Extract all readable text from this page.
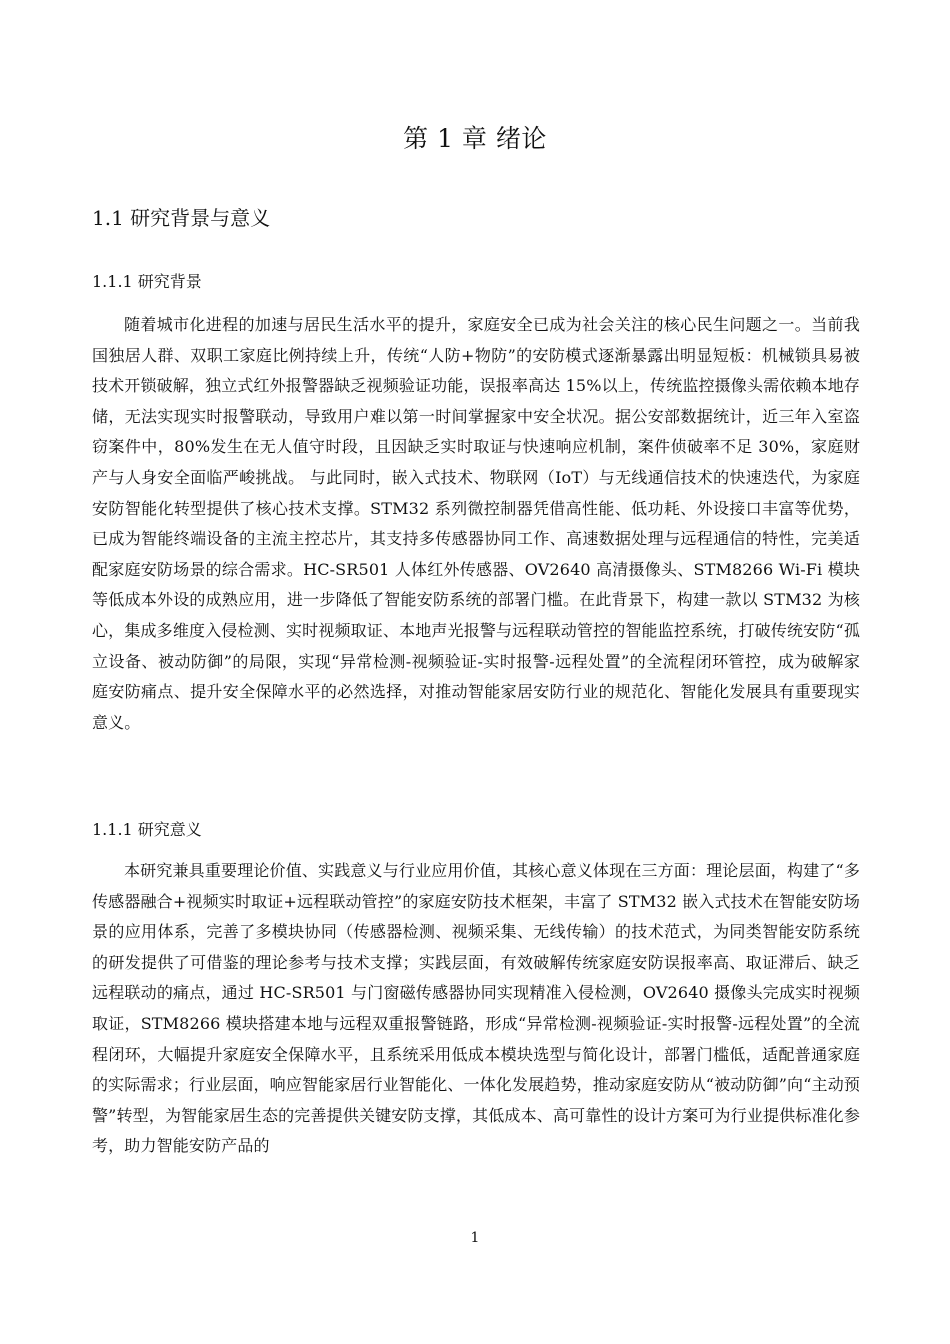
第 1 章 绪论
1.1 研究背景与意义
1.1.1 研究背景

随着城市化进程的加速与居民生活水平的提升，家庭安全已成为社会关注的核心民生问题之一。当前我国独居人群、双职工家庭比例持续上升，传统“人防+物防”的安防模式逐渐暴露出明显短板：机械锁具易被技术开锁破解，独立式红外报警器缺乏视频验证功能，误报率高达 15%以上，传统监控摄像头需依赖本地存储，无法实现实时报警联动，导致用户难以第一时间掌握家中安全状况。据公安部数据统计，近三年入室盗窃案件中，80%发生在无人值守时段，且因缺乏实时取证与快速响应机制，案件侦破率不足 30%，家庭财产与人身安全面临严峻挑战。 与此同时，嵌入式技术、物联网（IoT）与无线通信技术的快速迭代，为家庭安防智能化转型提供了核心技术支撑。STM32 系列微控制器凭借高性能、低功耗、外设接口丰富等优势，已成为智能终端设备的主流主控芯片，其支持多传感器协同工作、高速数据处理与远程通信的特性，完美适配家庭安防场景的综合需求。HC-SR501 人体红外传感器、OV2640 高清摄像头、STM8266 Wi-Fi 模块等低成本外设的成熟应用，进一步降低了智能安防系统的部署门槛。在此背景下，构建一款以 STM32 为核心，集成多维度入侵检测、实时视频取证、本地声光报警与远程联动管控的智能监控系统，打破传统安防“孤立设备、被动防御”的局限，实现“异常检测-视频验证-实时报警-远程处置”的全流程闭环管控，成为破解家庭安防痛点、提升安全保障水平的必然选择，对推动智能家居安防行业的规范化、智能化发展具有重要现实意义。

1.1.1 研究意义

本研究兼具重要理论价值、实践意义与行业应用价值，其核心意义体现在三方面：理论层面，构建了“多传感器融合+视频实时取证+远程联动管控”的家庭安防技术框架，丰富了 STM32 嵌入式技术在智能安防场景的应用体系，完善了多模块协同（传感器检测、视频采集、无线传输）的技术范式，为同类智能安防系统的研发提供了可借鉴的理论参考与技术支撑；实践层面，有效破解传统家庭安防误报率高、取证滞后、缺乏远程联动的痛点，通过 HC-SR501 与门窗磁传感器协同实现精准入侵检测，OV2640 摄像头完成实时视频取证，STM8266 模块搭建本地与远程双重报警链路，形成“异常检测-视频验证-实时报警-远程处置”的全流程闭环，大幅提升家庭安全保障水平，且系统采用低成本模块选型与简化设计，部署门槛低，适配普通家庭的实际需求；行业层面，响应智能家居行业智能化、一体化发展趋势，推动家庭安防从“被动防御”向“主动预警”转型，为智能家居生态的完善提供关键安防支撑，其低成本、高可靠性的设计方案可为行业提供标准化参考，助力智能安防产品的

1
